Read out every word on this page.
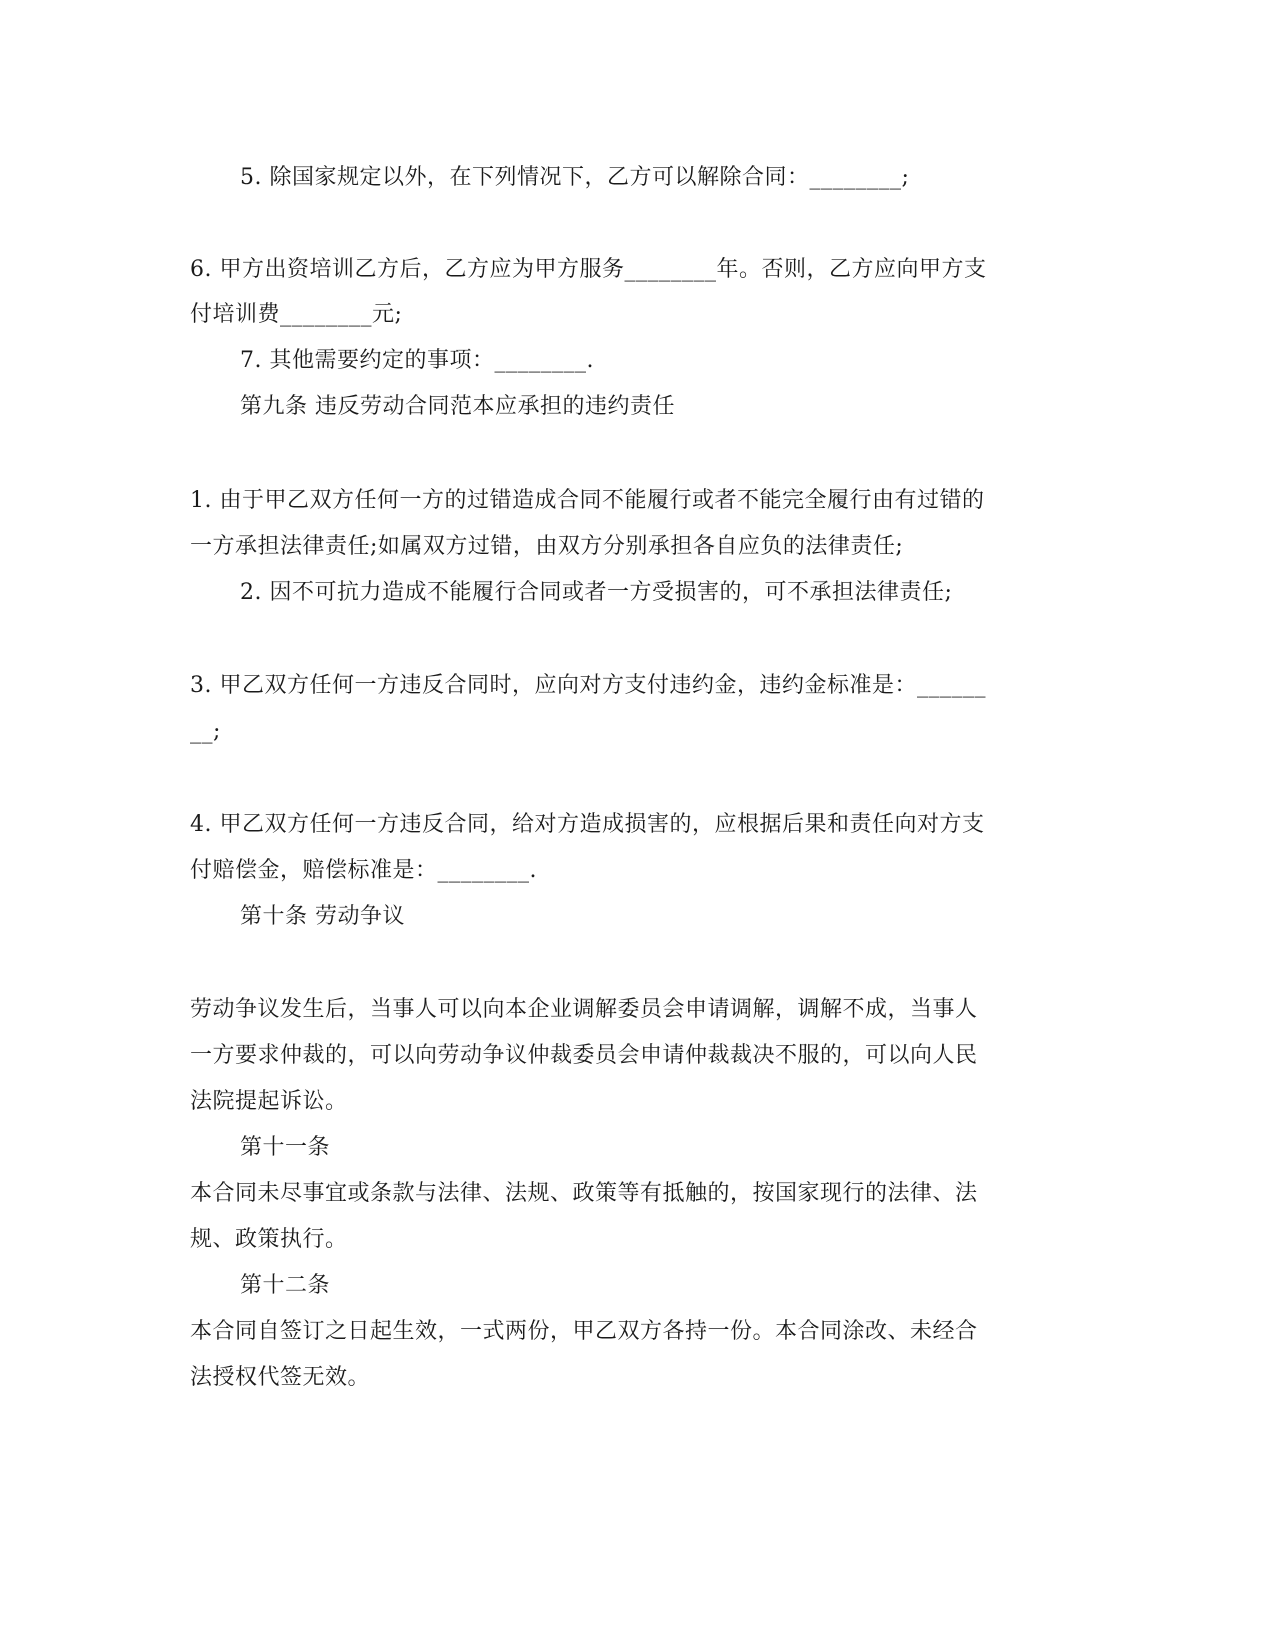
5. 除国家规定以外，在下列情况下，乙方可以解除合同：________;
6. 甲方出资培训乙方后，乙方应为甲方服务________年。否则，乙方应向甲方支
付培训费________元;
7. 其他需要约定的事项：________.
第九条 违反劳动合同范本应承担的违约责任
1. 由于甲乙双方任何一方的过错造成合同不能履行或者不能完全履行由有过错的
一方承担法律责任;如属双方过错，由双方分别承担各自应负的法律责任;
2. 因不可抗力造成不能履行合同或者一方受损害的，可不承担法律责任;
3. 甲乙双方任何一方违反合同时，应向对方支付违约金，违约金标准是：______
__;
4. 甲乙双方任何一方违反合同，给对方造成损害的，应根据后果和责任向对方支
付赔偿金，赔偿标准是：________.
第十条 劳动争议
劳动争议发生后，当事人可以向本企业调解委员会申请调解，调解不成，当事人
一方要求仲裁的，可以向劳动争议仲裁委员会申请仲裁裁决不服的，可以向人民
法院提起诉讼。
第十一条
本合同未尽事宜或条款与法律、法规、政策等有抵触的，按国家现行的法律、法
规、政策执行。
第十二条
本合同自签订之日起生效，一式两份，甲乙双方各持一份。本合同涂改、未经合
法授权代签无效。
